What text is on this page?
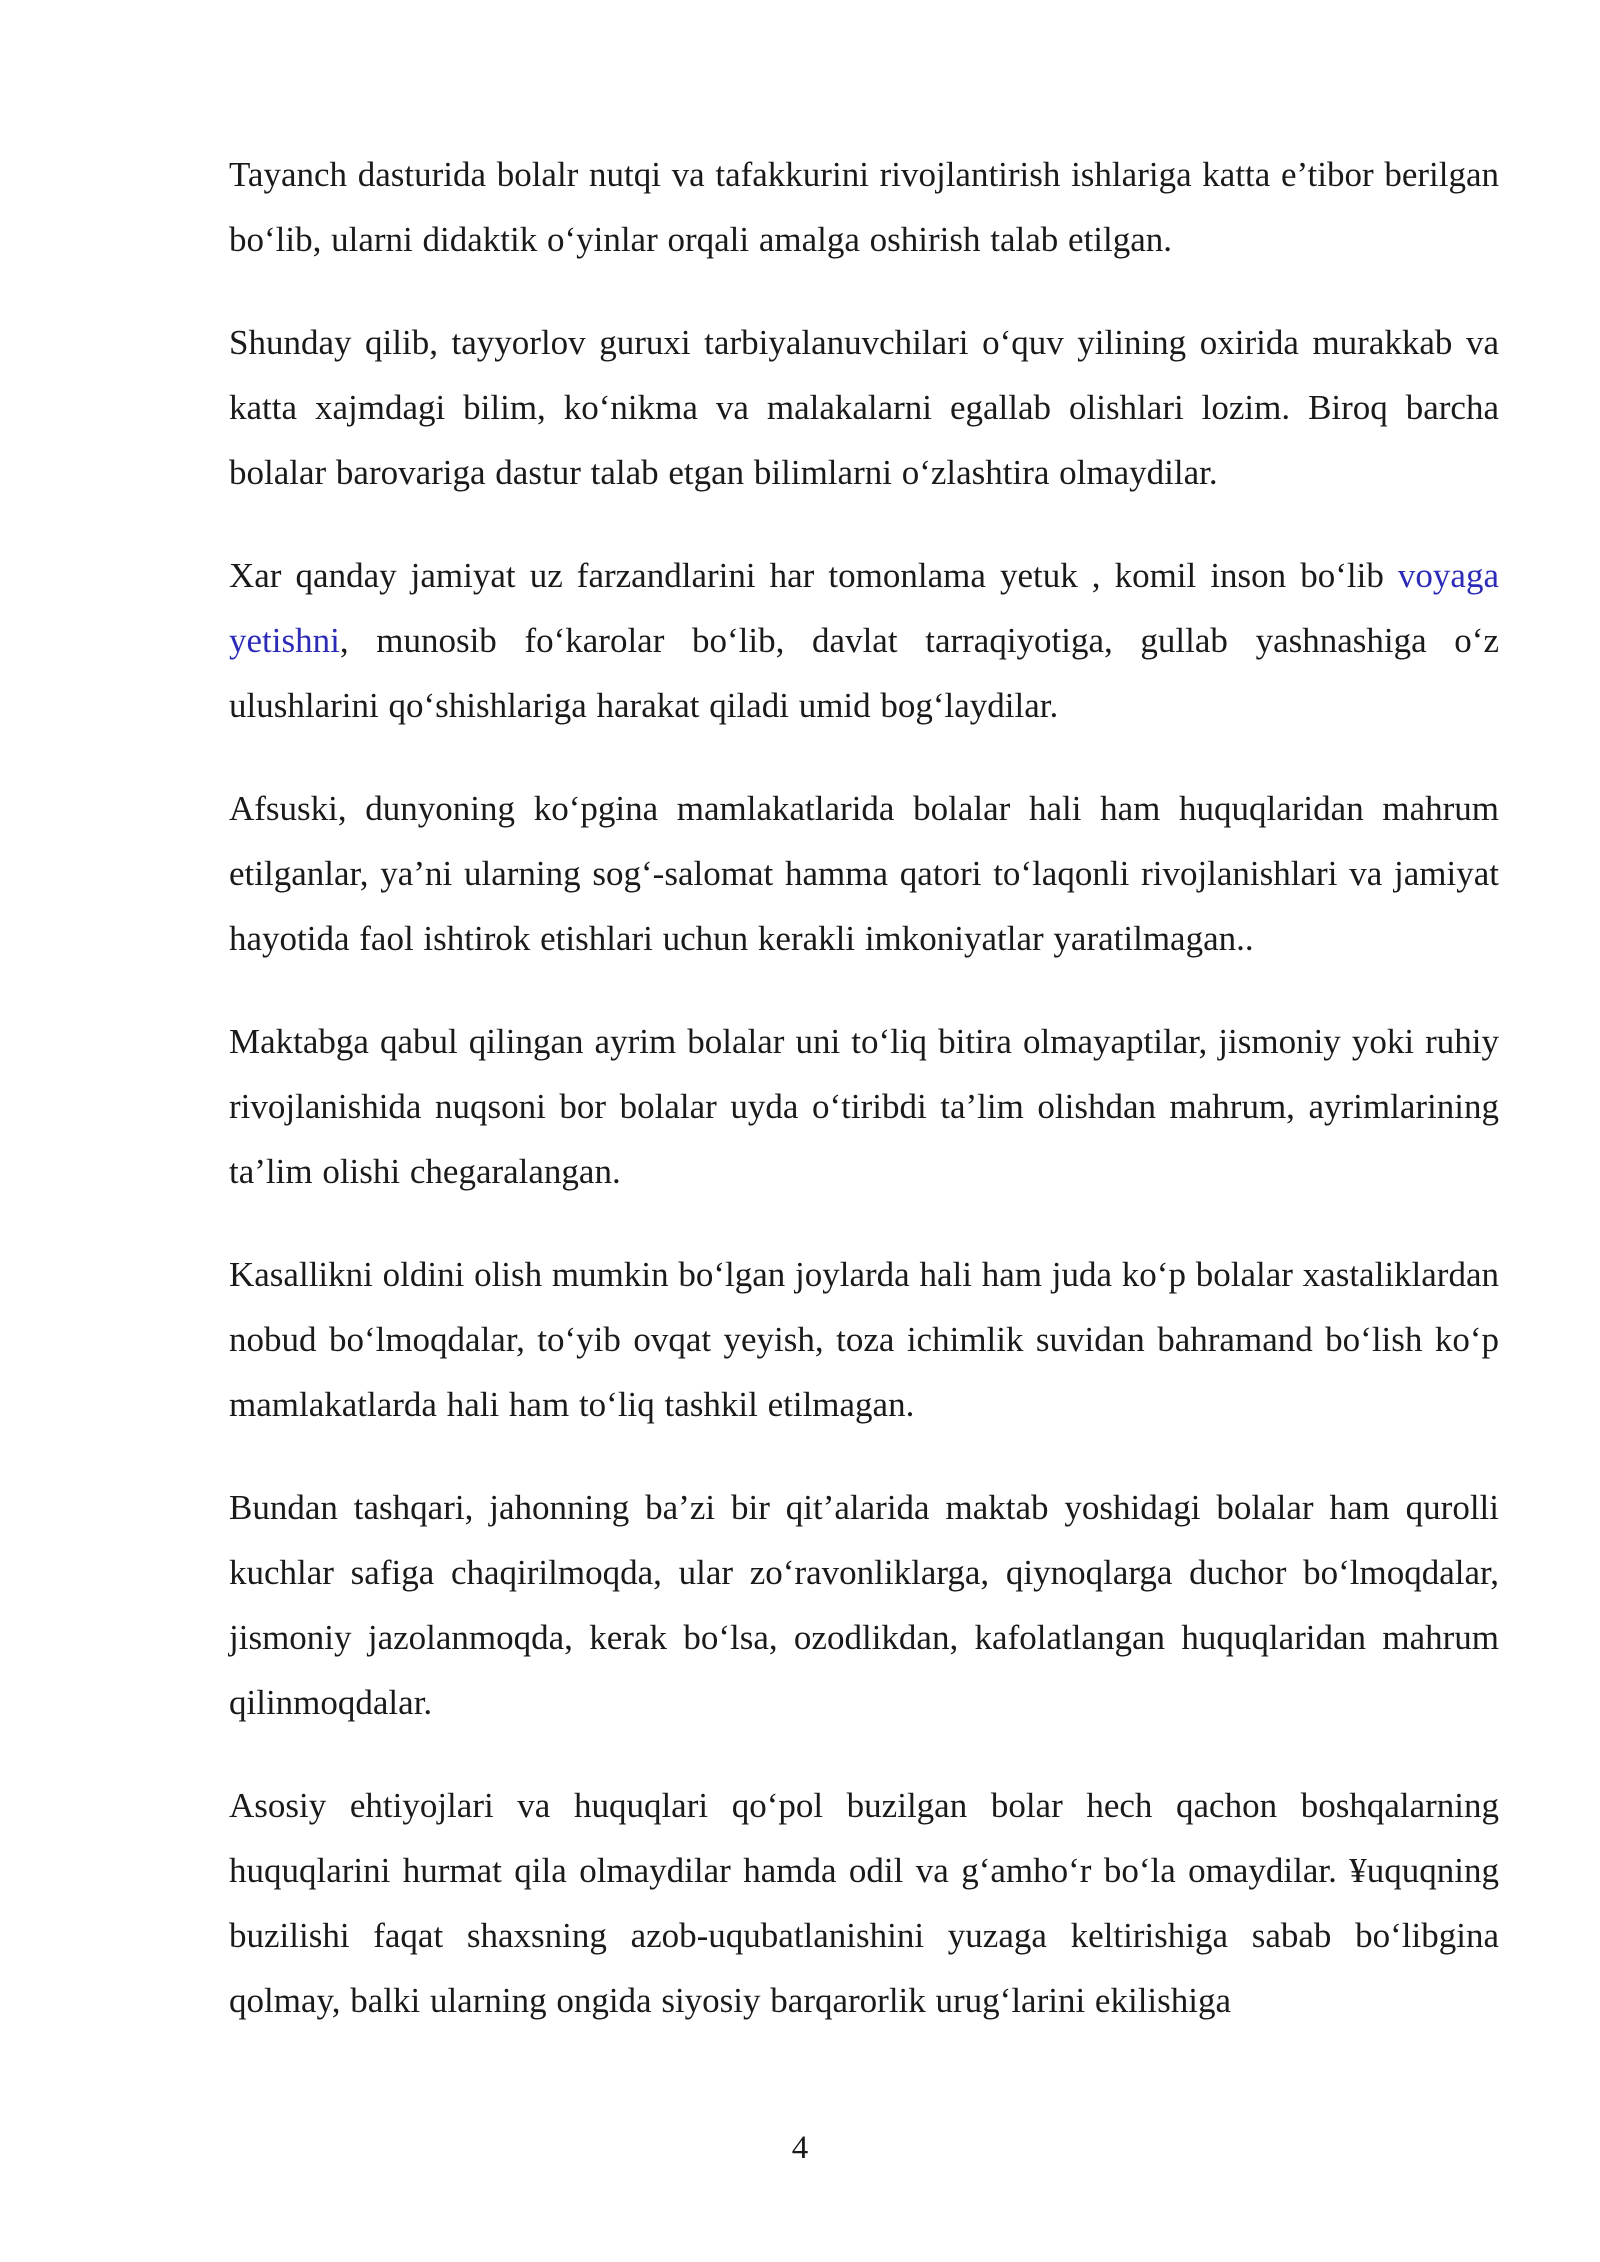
Tayanch dasturida bolalr nutqi va tafakkurini rivojlantirish ishlariga katta e’tibor berilgan bo‘lib, ularni didaktik o‘yinlar orqali amalga oshirish talab etilgan.

Shunday qilib, tayyorlov guruxi tarbiyalanuvchilari o‘quv yilining oxirida murakkab va katta xajmdagi bilim, ko‘nikma va malakalarni egallab olishlari lozim. Biroq barcha bolalar barovariga dastur talab etgan bilimlarni o‘zlashtira olmaydilar.

Xar qanday jamiyat uz farzandlarini har tomonlama yetuk , komil inson bo‘lib voyaga yetishni, munosib fo‘karolar bo‘lib, davlat tarraqiyotiga, gullab yashnashiga o‘z ulushlarini qo‘shishlariga harakat qiladi umid bog‘laydilar.

Afsuski, dunyoning ko‘pgina mamlakatlarida bolalar hali ham huquqlaridan mahrum etilganlar, ya’ni ularning sog‘-salomat hamma qatori to‘laqonli rivojlanishlari va jamiyat hayotida faol ishtirok etishlari uchun kerakli imkoniyatlar yaratilmagan..

Maktabga qabul qilingan ayrim bolalar uni to‘liq bitira olmayaptilar, jismoniy yoki ruhiy rivojlanishida nuqsoni bor bolalar uyda o‘tiribdi ta’lim olishdan mahrum, ayrimlarining ta’lim olishi chegaralangan.

Kasallikni oldini olish mumkin bo‘lgan joylarda hali ham juda ko‘p bolalar xastaliklardan nobud bo‘lmoqdalar, to‘yib ovqat yeyish, toza ichimlik suvidan bahramand bo‘lish ko‘p mamlakatlarda hali ham to‘liq tashkil etilmagan.

Bundan tashqari, jahonning ba’zi bir qit’alarida maktab yoshidagi bolalar ham qurolli kuchlar safiga chaqirilmoqda, ular zo‘ravonliklarga, qiynoqlarga duchor bo‘lmoqdalar, jismoniy jazolanmoqda, kerak bo‘lsa, ozodlikdan, kafolatlangan huquqlaridan mahrum qilinmoqdalar.

Asosiy ehtiyojlari va huquqlari qo‘pol buzilgan bolar hech qachon boshqalarning huquqlarini hurmat qila olmaydilar hamda odil va g‘amho‘r bo‘la omaydilar. ¥uquqning buzilishi faqat shaxsning azob-uqubatlanishini yuzaga keltirishiga sabab bo‘libgina qolmay, balki ularning ongida siyosiy barqarorlik urug‘larini ekilishiga

4
